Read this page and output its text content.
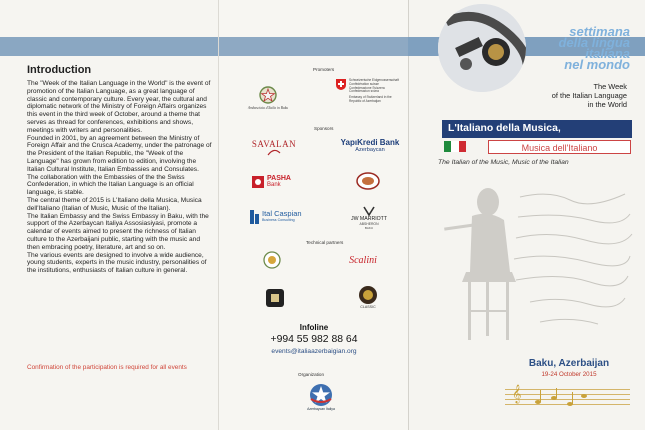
Introduction

The "Week of the Italian Language in the World" is the event of promotion of the Italian Language, as a great language of classic and contemporary culture. Every year, the cultural and diplomatic network of the Ministry of Foreign Affairs organizes this event in the third week of October, around a theme that serves as thread for conferences, exhibitions and shows, meetings with writers and personalities.

Founded in 2001, by an agreement between the Ministry of Foreign Affair and the Crusca Academy, under the patronage of the President of the Italian Republic, the "Week of the Language" has grown from edition to edition, involving the Italian Cultural Institute, Italian Embassies and Consulates.

The collaboration with the Embassies of the the Swiss Confederation, in which the Italian Language is an official language, is stable.

The central theme of 2015 is L'Italiano della Musica, Musica dell'Italiano (Italian of Music, Music of the Italian).

The Italian Embassy and the Swiss Embassy in Baku, with the support of the Azerbaycan Italiya Assosiasiyasi, promote a calendar of events aimed to present the richness of Italian culture to the Azerbaijani public, starting with the music and then embracing poetry, literature, art and so on.

The various events are designed to involve a wide audience, young students, experts in the music industry, personalities of the institutions, enthusiasts of Italian culture in general.

Confirmation of the participation is required for all events
Promoters
Ambasciata d'Italia in Baku
Schweizerische Eidgenossenschaft
Confédération suisse
Confederazione Svizzera
Confederaziun svizra
Embassy of Switzerland in the Republic of Azerbaijan
Sponsors
SAVALAN	YapıKredi Bank
Azerbaycan
PASHA
Bank
Ital Caspian
Business Consulting	JW MARRIOTT
ABSHERON
BAKU
Technical partners
Scalini
CLASSIC
Infoline
+994 55 982 88 64
events@italiaazerbaigian.org
Organization
Azerbaycan İtaliya
settimana
della lingua
italiana
nel mondo
The Week
of the Italian Language
in the World
L'Italiano della Musica,
Musica dell'Italiano
The Italian of the Music, Music of the Italian
Baku, Azerbaijan
19-24 October 2015
𝄞
